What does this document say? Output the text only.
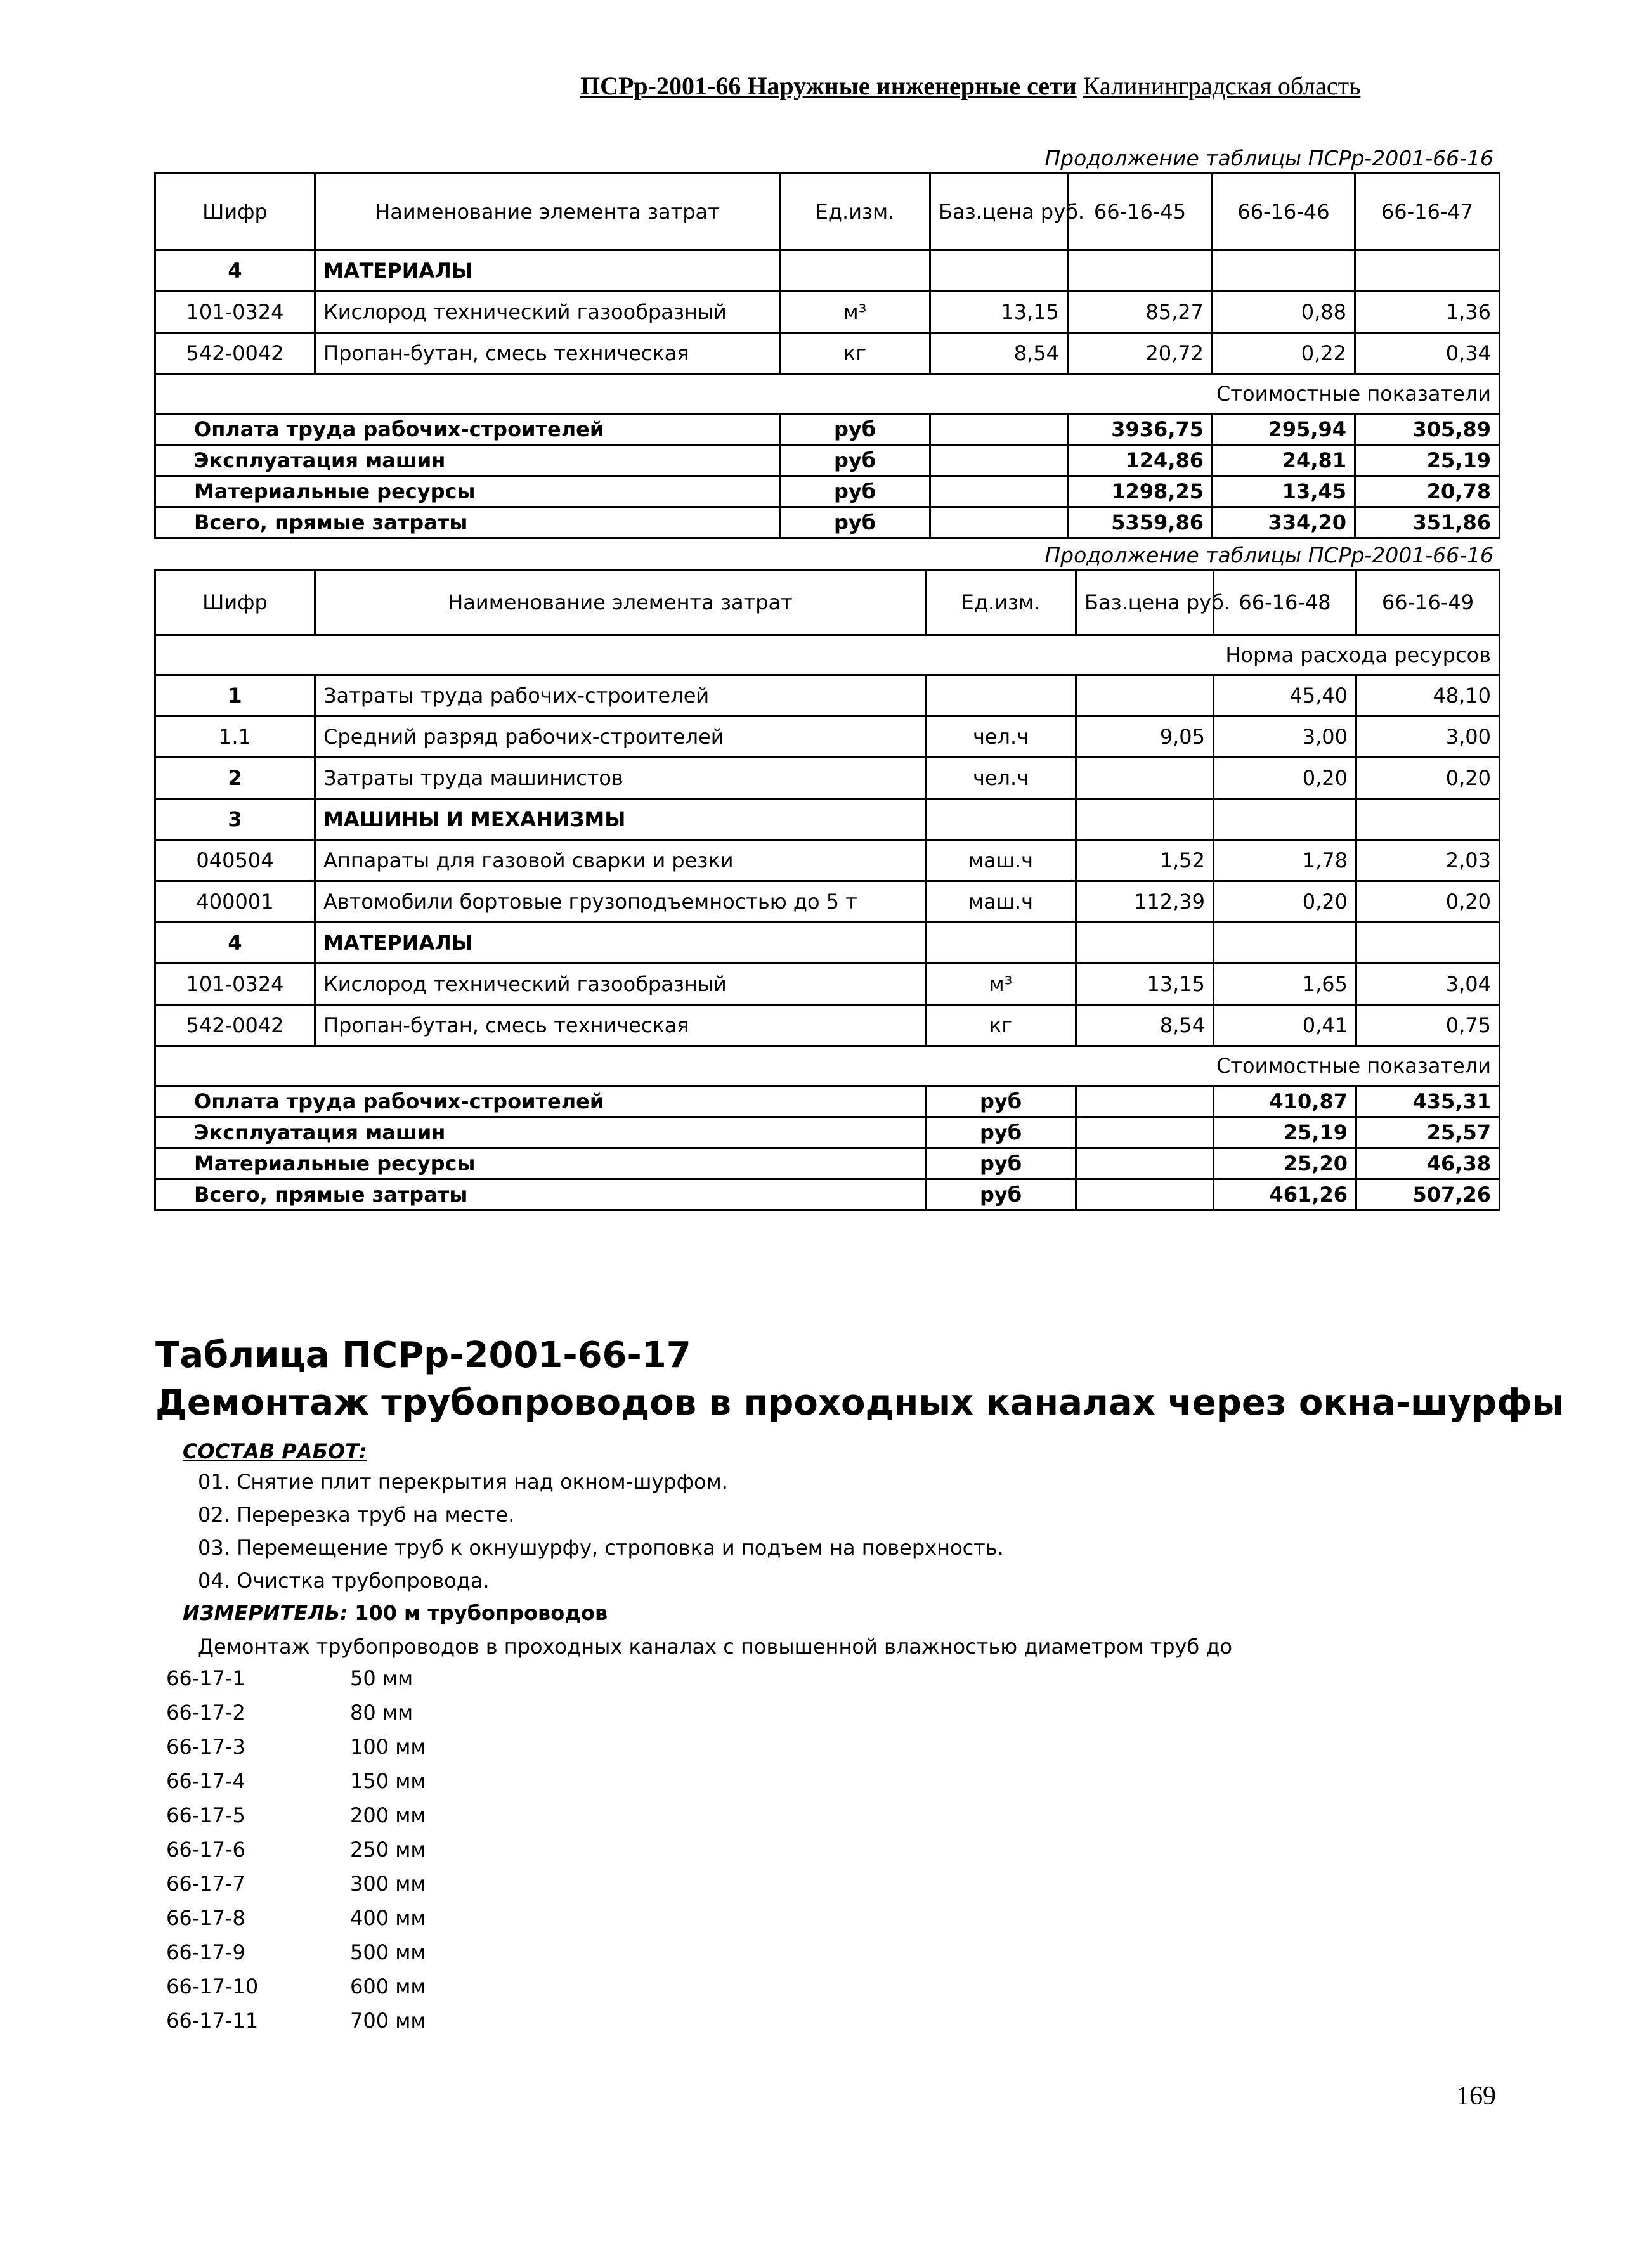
ПСРр-2001-66 Наружные инженерные сети Калининградская область
Продолжение таблицы ПСРр-2001-66-16
Шифр	Наименование элемента затрат	Ед.изм.	Баз.цена руб.	66-16-45	66-16-46	66-16-47
4	МАТЕРИАЛЫ					
101-0324	Кислород технический газообразный	м³	13,15	85,27	0,88	1,36
542-0042	Пропан-бутан, смесь техническая	кг	8,54	20,72	0,22	0,34
Стоимостные показатели						
Оплата труда рабочих-строителей		руб		3936,75	295,94	305,89
Эксплуатация машин		руб		124,86	24,81	25,19
Материальные ресурсы		руб		1298,25	13,45	20,78
Всего, прямые затраты		руб		5359,86	334,20	351,86
Продолжение таблицы ПСРр-2001-66-16
Шифр	Наименование элемента затрат	Ед.изм.	Баз.цена руб.	66-16-48	66-16-49
Норма расхода ресурсов					
1	Затраты труда рабочих-строителей			45,40	48,10
1.1	Средний разряд рабочих-строителей	чел.ч	9,05	3,00	3,00
2	Затраты труда машинистов	чел.ч		0,20	0,20
3	МАШИНЫ И МЕХАНИЗМЫ				
040504	Аппараты для газовой сварки и резки	маш.ч	1,52	1,78	2,03
400001	Автомобили бортовые грузоподъемностью до 5 т	маш.ч	112,39	0,20	0,20
4	МАТЕРИАЛЫ				
101-0324	Кислород технический газообразный	м³	13,15	1,65	3,04
542-0042	Пропан-бутан, смесь техническая	кг	8,54	0,41	0,75
Стоимостные показатели					
Оплата труда рабочих-строителей		руб		410,87	435,31
Эксплуатация машин		руб		25,19	25,57
Материальные ресурсы		руб		25,20	46,38
Всего, прямые затраты		руб		461,26	507,26
Таблица ПСРр-2001-66-17
Демонтаж трубопроводов в проходных каналах через окна-шурфы
СОСТАВ РАБОТ:
01. Снятие плит перекрытия над окном-шурфом.
02. Перерезка труб на месте.
03. Перемещение труб к окнушурфу, строповка и подъем на поверхность.
04. Очистка трубопровода.
ИЗМЕРИТЕЛЬ: 100 м трубопроводов
Демонтаж трубопроводов в проходных каналах с повышенной влажностью диаметром труб до
66-17-1	50 мм
66-17-2	80 мм
66-17-3	100 мм
66-17-4	150 мм
66-17-5	200 мм
66-17-6	250 мм
66-17-7	300 мм
66-17-8	400 мм
66-17-9	500 мм
66-17-10	600 мм
66-17-11	700 мм
169
